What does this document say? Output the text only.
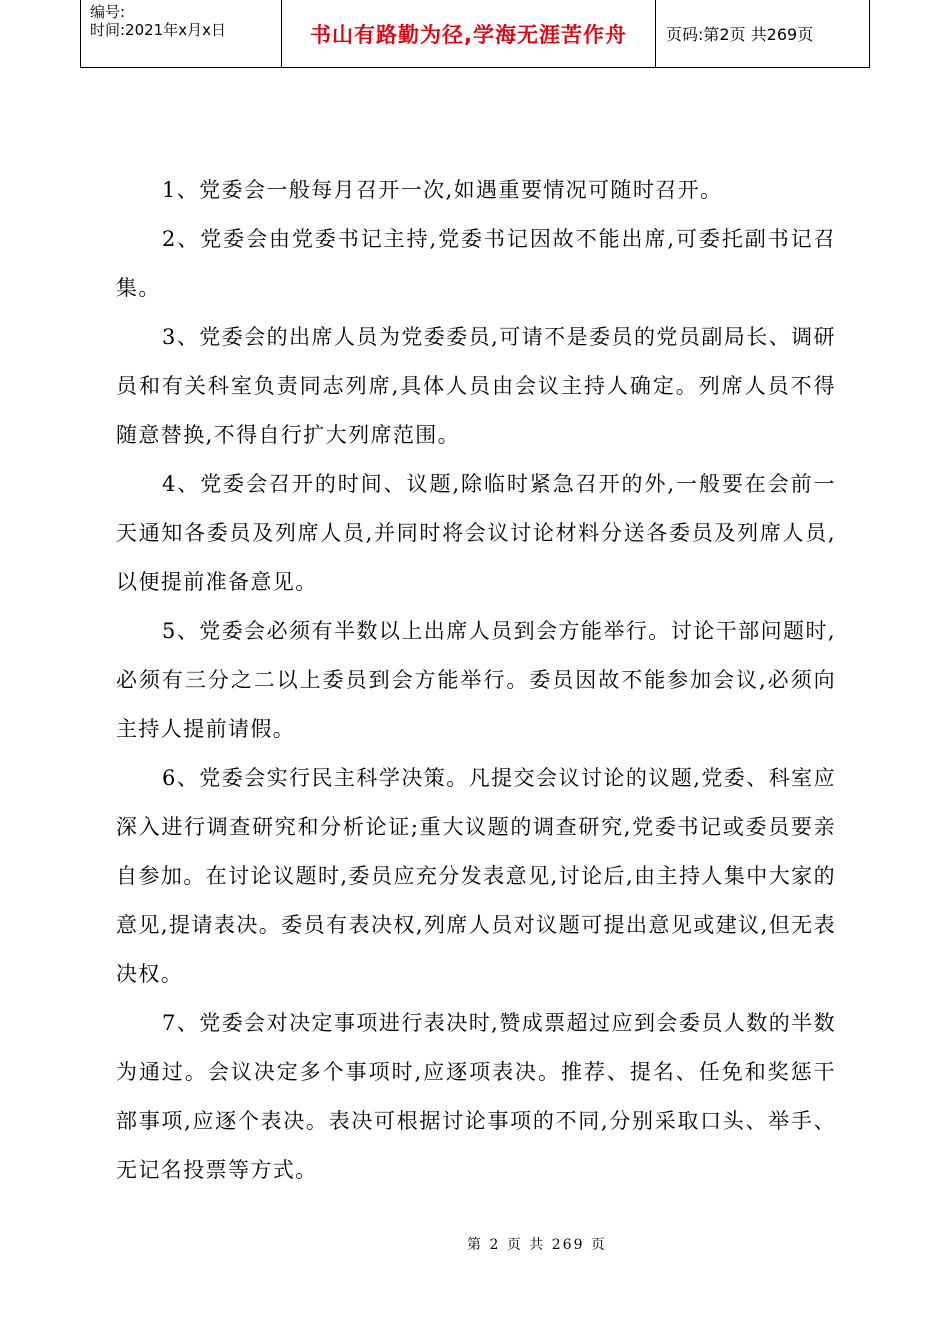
编号:
时间:2021年x月x日	书山有路勤为径,学海无涯苦作舟	页码:第2页 共269页

1、党委会一般每月召开一次,如遇重要情况可随时召开。

2、党委会由党委书记主持,党委书记因故不能出席,可委托副书记召集。

3、党委会的出席人员为党委委员,可请不是委员的党员副局长、调研员和有关科室负责同志列席,具体人员由会议主持人确定。列席人员不得随意替换,不得自行扩大列席范围。

4、党委会召开的时间、议题,除临时紧急召开的外,一般要在会前一天通知各委员及列席人员,并同时将会议讨论材料分送各委员及列席人员,以便提前准备意见。

5、党委会必须有半数以上出席人员到会方能举行。讨论干部问题时,必须有三分之二以上委员到会方能举行。委员因故不能参加会议,必须向主持人提前请假。

6、党委会实行民主科学决策。凡提交会议讨论的议题,党委、科室应深入进行调查研究和分析论证;重大议题的调查研究,党委书记或委员要亲自参加。在讨论议题时,委员应充分发表意见,讨论后,由主持人集中大家的意见,提请表决。委员有表决权,列席人员对议题可提出意见或建议,但无表决权。

7、党委会对决定事项进行表决时,赞成票超过应到会委员人数的半数为通过。会议决定多个事项时,应逐项表决。推荐、提名、任免和奖惩干部事项,应逐个表决。表决可根据讨论事项的不同,分别采取口头、举手、无记名投票等方式。

第 2 页 共 269 页
